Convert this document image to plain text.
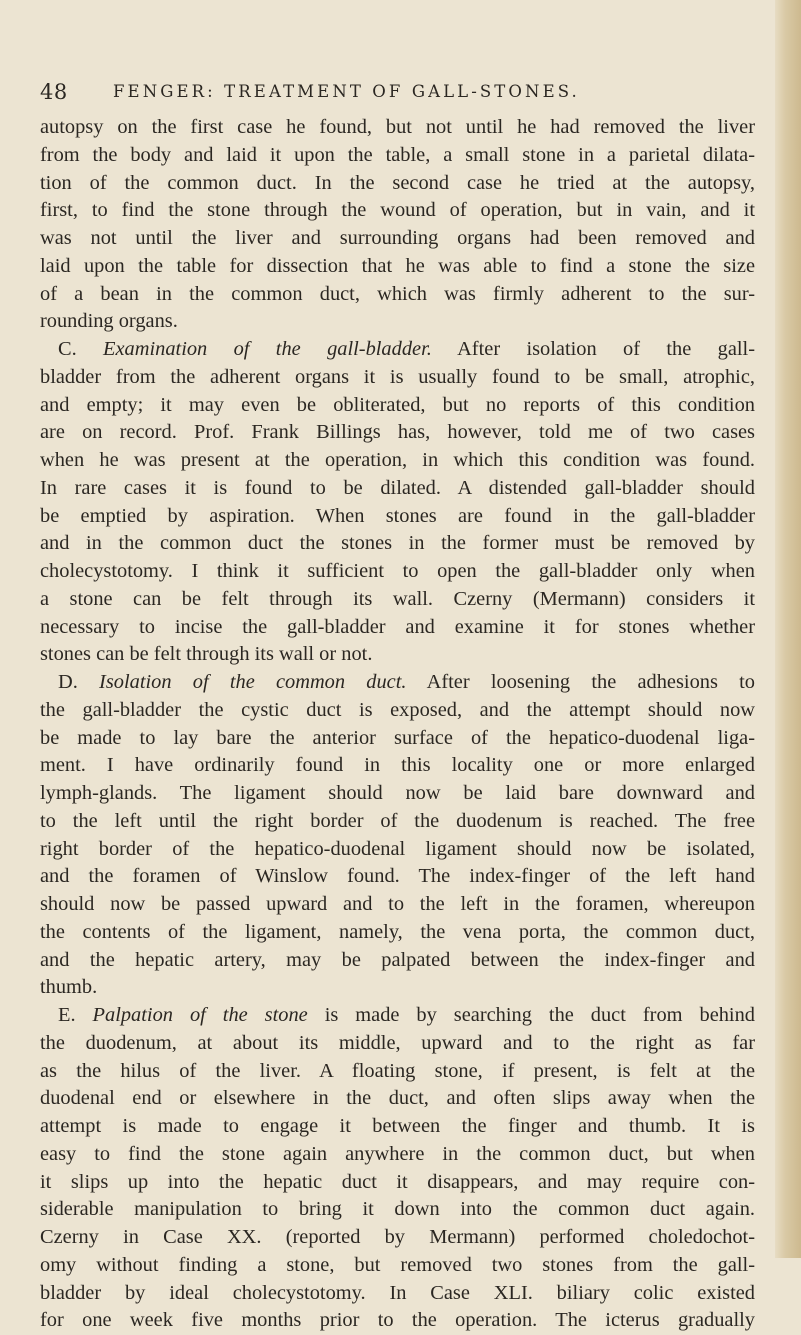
48	FENGER: TREATMENT OF GALL-STONES.
autopsy on the first case he found, but not until he had removed the liver
from the body and laid it upon the table, a small stone in a parietal dilata-
tion of the common duct. In the second case he tried at the autopsy,
first, to find the stone through the wound of operation, but in vain, and it
was not until the liver and surrounding organs had been removed and
laid upon the table for dissection that he was able to find a stone the size
of a bean in the common duct, which was firmly adherent to the sur-
rounding organs.
C. Examination of the gall-bladder. After isolation of the gall-
bladder from the adherent organs it is usually found to be small, atrophic,
and empty; it may even be obliterated, but no reports of this condition
are on record. Prof. Frank Billings has, however, told me of two cases
when he was present at the operation, in which this condition was found.
In rare cases it is found to be dilated. A distended gall-bladder should
be emptied by aspiration. When stones are found in the gall-bladder
and in the common duct the stones in the former must be removed by
cholecystotomy. I think it sufficient to open the gall-bladder only when
a stone can be felt through its wall. Czerny (Mermann) considers it
necessary to incise the gall-bladder and examine it for stones whether
stones can be felt through its wall or not.
D. Isolation of the common duct. After loosening the adhesions to
the gall-bladder the cystic duct is exposed, and the attempt should now
be made to lay bare the anterior surface of the hepatico-duodenal liga-
ment. I have ordinarily found in this locality one or more enlarged
lymph-glands. The ligament should now be laid bare downward and
to the left until the right border of the duodenum is reached. The free
right border of the hepatico-duodenal ligament should now be isolated,
and the foramen of Winslow found. The index-finger of the left hand
should now be passed upward and to the left in the foramen, whereupon
the contents of the ligament, namely, the vena porta, the common duct,
and the hepatic artery, may be palpated between the index-finger and
thumb.
E. Palpation of the stone is made by searching the duct from behind
the duodenum, at about its middle, upward and to the right as far
as the hilus of the liver. A floating stone, if present, is felt at the
duodenal end or elsewhere in the duct, and often slips away when the
attempt is made to engage it between the finger and thumb. It is
easy to find the stone again anywhere in the common duct, but when
it slips up into the hepatic duct it disappears, and may require con-
siderable manipulation to bring it down into the common duct again.
Czerny in Case XX. (reported by Mermann) performed choledochot-
omy without finding a stone, but removed two stones from the gall-
bladder by ideal cholecystotomy. In Case XLI. biliary colic existed
for one week five months prior to the operation. The icterus gradually
